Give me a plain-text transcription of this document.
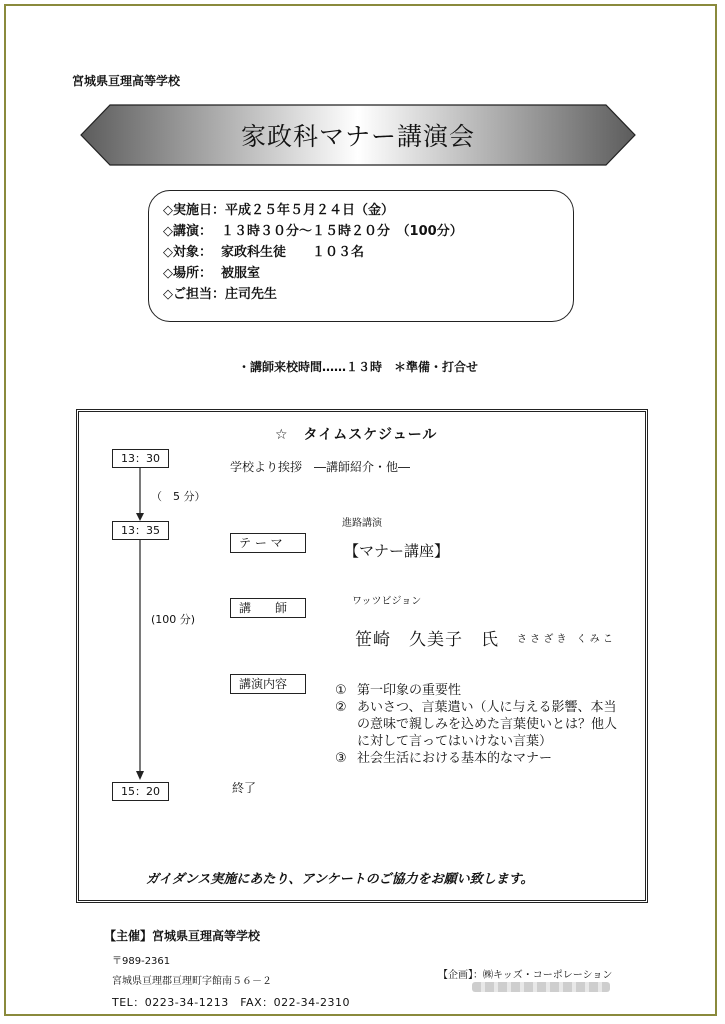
宮城県亘理高等学校
家政科マナー講演会
◇実施日：平成２５年５月２４日（金）
◇講演：  １３時３０分～１５時２０分　（100分）
◇対象：  家政科生徒　　１０３名
◇場所：  被服室
◇ご担当：庄司先生
・講師来校時間‥‥‥１３時　＊準備・打合せ
☆　タイムスケジュール
13：30
13：35
15：20
（　5 分）
(100 分)
学校より挨拶　―講師紹介・他―
テ ー マ
進路講演
【マナー講座】
講　　師	ワッツビジョン
笹崎　久美子　氏 さ さ ざ き　く み こ
講演内容	① 第一印象の重要性
② あいさつ、言葉遣い（人に与える影響、本当の意味で親しみを込めた言葉使いとは？他人に対して言ってはいけない言葉）
③ 社会生活における基本的なマナー
終了
ガイダンス実施にあたり、アンケートのご協力をお願い致します。
【主催】宮城県亘理高等学校
〒989-2361
宮城県亘理郡亘理町字館南５６－２
TEL：0223-34-1213　FAX：022-34-2310
【企画】：㈱キッズ・コーポレーション
